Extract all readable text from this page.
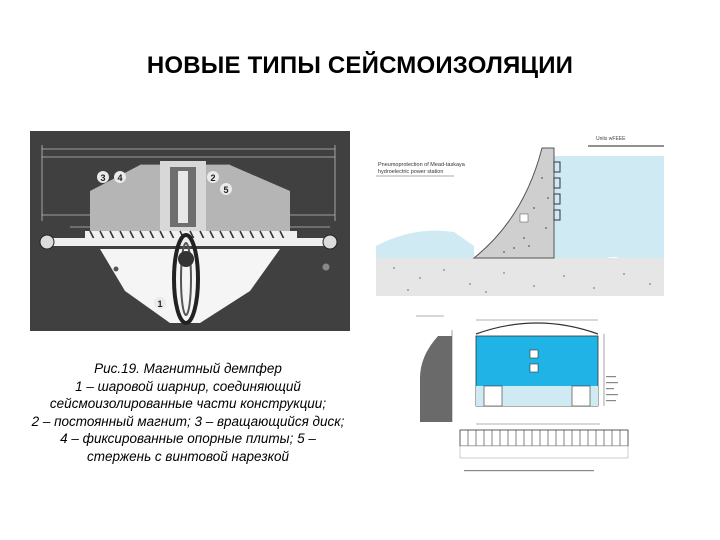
НОВЫЕ ТИПЫ СЕЙСМОИЗОЛЯЦИИ
3 4	2
5
1
Рис.19. Магнитный демпфер
1 – шаровой шарнир, соединяющий
сейсмоизолированные части конструкции;
2 – постоянный магнит; 3 – вращающийся диск;
4 – фиксированные опорные плиты; 5 –
стержень с винтовой нарезкой
Units wFEEE
Pneumoprotection of Mead-taskaya
hydroelectric power station
